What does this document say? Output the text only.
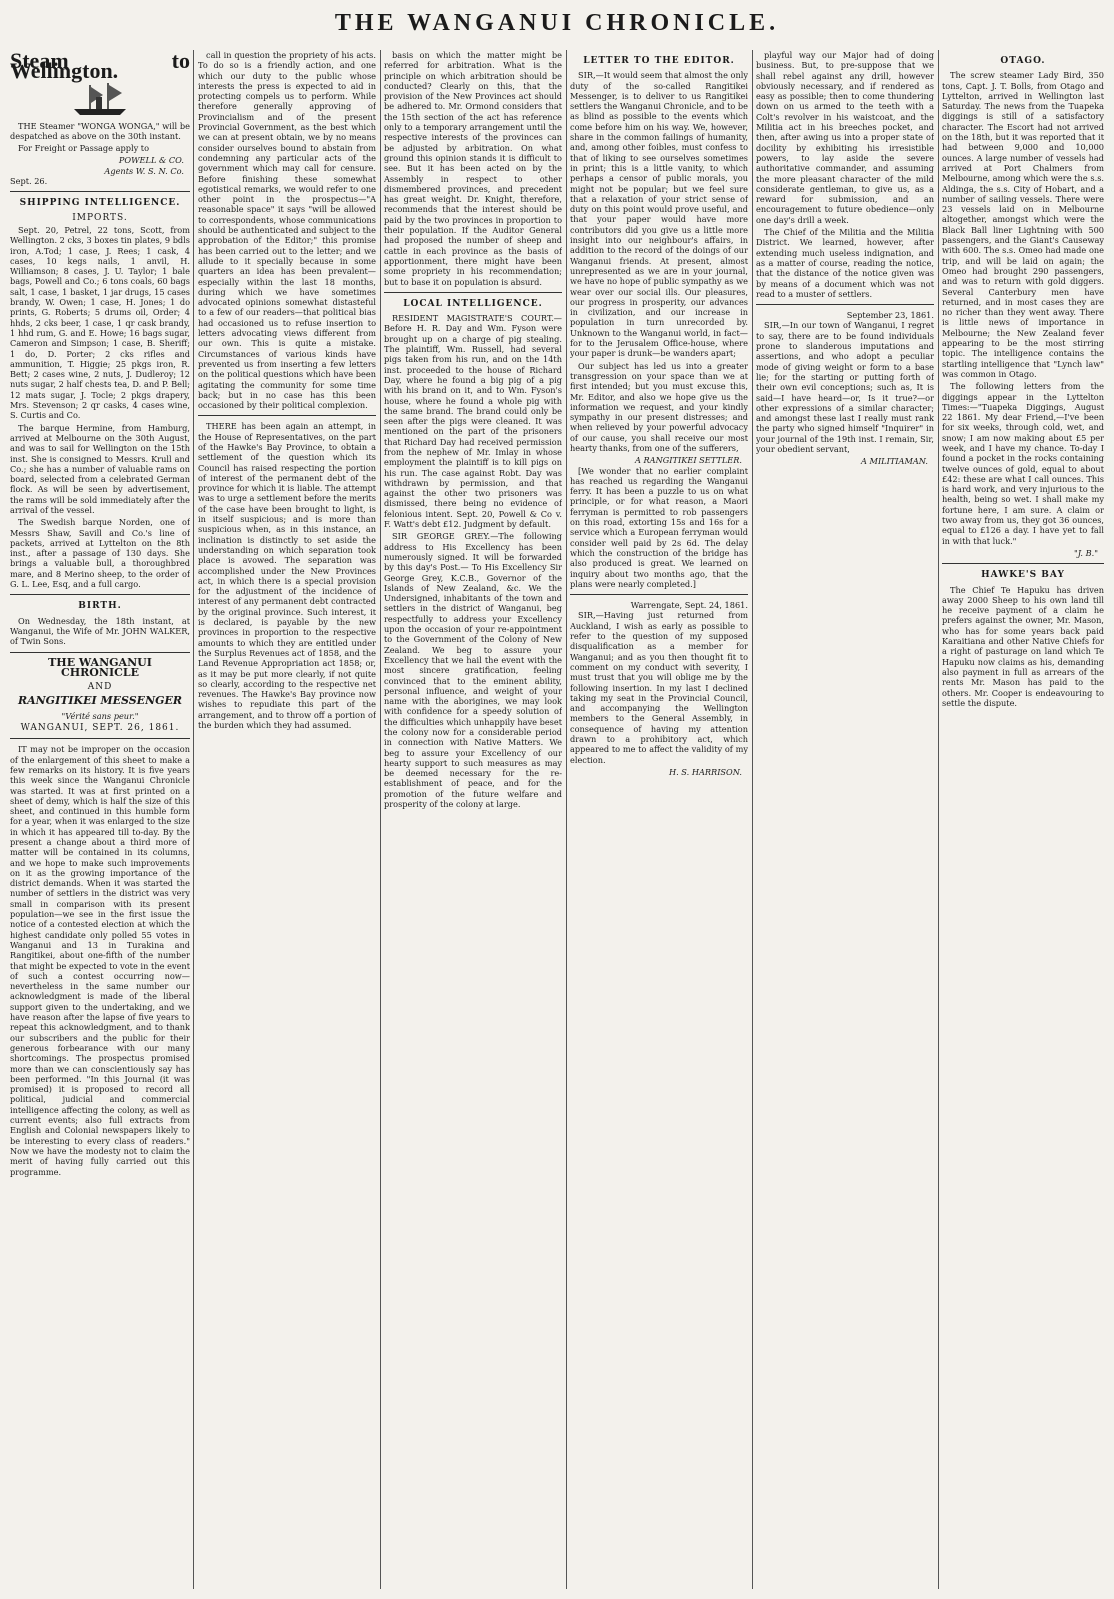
THE WANGANUI CHRONICLE.
Steam to Wellington.

THE Steamer "WONGA WONGA," will be despatched as above on the 30th instant.

For Freight or Passage apply to

POWELL & CO.
Agents W. S. N. Co.
Sept. 26.
SHIPPING INTELLIGENCE.
IMPORTS.

Sept. 20, Petrel, 22 tons, Scott, from Wellington. 2 cks, 3 boxes tin plates, 9 bdls iron, A.Tod; 1 case, J. Rees; 1 cask, 4 cases, 10 kegs nails, 1 anvil, H. Williamson; 8 cases, J. U. Taylor; 1 bale bags, Powell and Co.; 6 tons coals, 60 bags salt, 1 case, 1 basket, 1 jar drugs, 15 cases brandy, W. Owen; 1 case, H. Jones; 1 do prints, G. Roberts; 5 drums oil, Order; 4 hhds, 2 cks beer, 1 case, 1 qr cask brandy, 1 hhd rum, G. and E. Howe; 16 bags sugar, Cameron and Simpson; 1 case, B. Sheriff; 1 do, D. Porter; 2 cks rifles and ammunition, T. Higgie; 25 pkgs iron, R. Bett; 2 cases wine, 2 nuts, J. Dudleroy; 12 nuts sugar, 2 half chests tea, D. and P. Bell; 12 mats sugar, J. Tocle; 2 pkgs drapery, Mrs. Stevenson; 2 qr casks, 4 cases wine, S. Curtis and Co.

The barque Hermine, from Hamburg, arrived at Melbourne on the 30th August, and was to sail for Wellington on the 15th inst. She is consigned to Messrs. Krull and Co.; she has a number of valuable rams on board, selected from a celebrated German flock. As will be seen by advertisement, the rams will be sold immediately after the arrival of the vessel.

The Swedish barque Norden, one of Messrs Shaw, Savill and Co.'s line of packets, arrived at Lyttelton on the 8th inst., after a passage of 130 days. She brings a valuable bull, a thoroughbred mare, and 8 Merino sheep, to the order of G. L. Lee, Esq, and a full cargo.

BIRTH.

On Wednesday, the 18th instant, at Wanganui, the Wife of Mr. JOHN WALKER, of Twin Sons.

THE WANGANUI CHRONICLE
AND
RANGITIKEI MESSENGER
"Vérité sans peur."
WANGANUI, SEPT. 26, 1861.

IT may not be improper on the occasion of the enlargement of this sheet to make a few remarks on its history. It is five years this week since the Wanganui Chronicle was started. It was at first printed on a sheet of demy, which is half the size of this sheet, and continued in this humble form for a year, when it was enlarged to the size in which it has appeared till to-day. By the present a change about a third more of matter will be contained in its columns, and we hope to make such improvements on it as the growing importance of the district demands. When it was started the number of settlers in the district was very small in comparison with its present population—we see in the first issue the notice of a contested election at which the highest candidate only polled 55 votes in Wanganui and 13 in Turakina and Rangitikei, about one-fifth of the number that might be expected to vote in the event of such a contest occurring now—nevertheless in the same number our acknowledgment is made of the liberal support given to the undertaking, and we have reason after the lapse of five years to repeat this acknowledgment, and to thank our subscribers and the public for their generous forbearance with our many shortcomings. The prospectus promised more than we can conscientiously say has been performed. "In this Journal (it was promised) it is proposed to record all political, judicial and commercial intelligence affecting the colony, as well as current events; also full extracts from English and Colonial newspapers likely to be interesting to every class of readers." Now we have the modesty not to claim the merit of having fully carried out this programme.

call in question the propriety of his acts. To do so is a friendly action, and one which our duty to the public whose interests the press is expected to aid in protecting compels us to perform. While therefore generally approving of Provincialism and of the present Provincial Government, as the best which we can at present obtain, we by no means consider ourselves bound to abstain from condemning any particular acts of the government which may call for censure. Before finishing these somewhat egotistical remarks, we would refer to one other point in the prospectus—"A reasonable space" it says "will be allowed to correspondents, whose communications should be authenticated and subject to the approbation of the Editor;" this promise has been carried out to the letter; and we allude to it specially because in some quarters an idea has been prevalent—especially within the last 18 months, during which we have sometimes advocated opinions somewhat distasteful to a few of our readers—that political bias had occasioned us to refuse insertion to letters advocating views different from our own. This is quite a mistake. Circumstances of various kinds have prevented us from inserting a few letters on the political questions which have been agitating the community for some time back; but in no case has this been occasioned by their political complexion.

THERE has been again an attempt, in the House of Representatives, on the part of the Hawke's Bay Province, to obtain a settlement of the question which its Council has raised respecting the portion of interest of the permanent debt of the province for which it is liable. The attempt was to urge a settlement before the merits of the case have been brought to light, is in itself suspicious; and is more than suspicious when, as in this instance, an inclination is distinctly to set aside the understanding on which separation took place is avowed. The separation was accomplished under the New Provinces act, in which there is a special provision for the adjustment of the incidence of interest of any permanent debt contracted by the original province. Such interest, it is declared, is payable by the new provinces in proportion to the respective amounts to which they are entitled under the Surplus Revenues act of 1858, and the Land Revenue Appropriation act 1858; or, as it may be put more clearly, if not quite so clearly, according to the respective net revenues. The Hawke's Bay province now wishes to repudiate this part of the arrangement, and to throw off a portion of the burden which they had assumed.

basis on which the matter might be referred for arbitration. What is the principle on which arbitration should be conducted? Clearly on this, that the provision of the New Provinces act should be adhered to. Mr. Ormond considers that the 15th section of the act has reference only to a temporary arrangement until the respective interests of the provinces can be adjusted by arbitration. On what ground this opinion stands it is difficult to see. But it has been acted on by the Assembly in respect to other dismembered provinces, and precedent has great weight. Dr. Knight, therefore, recommends that the interest should be paid by the two provinces in proportion to their population. If the Auditor General had proposed the number of sheep and cattle in each province as the basis of apportionment, there might have been some propriety in his recommendation; but to base it on population is absurd.

LOCAL INTELLIGENCE.

RESIDENT MAGISTRATE'S COURT.—Before H. R. Day and Wm. Fyson were brought up on a charge of pig stealing. The plaintiff, Wm. Russell, had several pigs taken from his run, and on the 14th inst. proceeded to the house of Richard Day, where he found a big pig of a pig with his brand on it, and to Wm. Fyson's house, where he found a whole pig with the same brand. The brand could only be seen after the pigs were cleaned. It was mentioned on the part of the prisoners that Richard Day had received permission from the nephew of Mr. Imlay in whose employment the plaintiff is to kill pigs on his run. The case against Robt. Day was withdrawn by permission, and that against the other two prisoners was dismissed, there being no evidence of felonious intent. Sept. 20, Powell & Co v. F. Watt's debt £12. Judgment by default.

SIR GEORGE GREY.—The following address to His Excellency has been numerously signed. It will be forwarded by this day's Post.— To His Excellency Sir George Grey, K.C.B., Governor of the Islands of New Zealand, &c. We the Undersigned, inhabitants of the town and settlers in the district of Wanganui, beg respectfully to address your Excellency upon the occasion of your re-appointment to the Government of the Colony of New Zealand. We beg to assure your Excellency that we hail the event with the most sincere gratification, feeling convinced that to the eminent ability, personal influence, and weight of your name with the aborigines, we may look with confidence for a speedy solution of the difficulties which unhappily have beset the colony now for a considerable period in connection with Native Matters. We beg to assure your Excellency of our hearty support to such measures as may be deemed necessary for the re-establishment of peace, and for the promotion of the future welfare and prosperity of the colony at large.

LETTER TO THE EDITOR.

SIR,—It would seem that almost the only duty of the so-called Rangitikei Messenger, is to deliver to us Rangitikei settlers the Wanganui Chronicle, and to be as blind as possible to the events which come before him on his way. We, however, share in the common failings of humanity, and, among other foibles, must confess to that of liking to see ourselves sometimes in print; this is a little vanity, to which perhaps a censor of public morals, you might not be popular; but we feel sure that a relaxation of your strict sense of duty on this point would prove useful, and that your paper would have more contributors did you give us a little more insight into our neighbour's affairs, in addition to the record of the doings of our Wanganui friends. At present, almost unrepresented as we are in your journal, we have no hope of public sympathy as we wear over our social ills. Our pleasures, our progress in prosperity, our advances in civilization, and our increase in population in turn unrecorded by. Unknown to the Wanganui world, in fact—for to the Jerusalem Office-house, where your paper is drunk—be wanders apart;

Our subject has led us into a greater transgression on your space than we at first intended; but you must excuse this, Mr. Editor, and also we hope give us the information we request, and your kindly sympathy in our present distresses; and when relieved by your powerful advocacy of our cause, you shall receive our most hearty thanks, from one of the sufferers,

A RANGITIKEI SETTLER.

[We wonder that no earlier complaint has reached us regarding the Wanganui ferry. It has been a puzzle to us on what principle, or for what reason, a Maori ferryman is permitted to rob passengers on this road, extorting 15s and 16s for a service which a European ferryman would consider well paid by 2s 6d. The delay which the construction of the bridge has also produced is great. We learned on inquiry about two months ago, that the plans were nearly completed.]

Warrengate, Sept. 24, 1861.

SIR,—Having just returned from Auckland, I wish as early as possible to refer to the question of my supposed disqualification as a member for Wanganui; and as you then thought fit to comment on my conduct with severity, I must trust that you will oblige me by the following insertion. In my last I declined taking my seat in the Provincial Council, and accompanying the Wellington members to the General Assembly, in consequence of having my attention drawn to a prohibitory act, which appeared to me to affect the validity of my election.

H. S. HARRISON.

playful way our Major had of doing business. But, to pre-suppose that we shall rebel against any drill, however obviously necessary, and if rendered as easy as possible; then to come thundering down on us armed to the teeth with a Colt's revolver in his waistcoat, and the Militia act in his breeches pocket, and then, after awing us into a proper state of docility by exhibiting his irresistible powers, to lay aside the severe authoritative commander, and assuming the more pleasant character of the mild considerate gentleman, to give us, as a reward for submission, and an encouragement to future obedience—only one day's drill a week.

The Chief of the Militia and the Militia District. We learned, however, after extending much useless indignation, and as a matter of course, reading the notice, that the distance of the notice given was by means of a document which was not read to a muster of settlers.

September 23, 1861.

SIR,—In our town of Wanganui, I regret to say, there are to be found individuals prone to slanderous imputations and assertions, and who adopt a peculiar mode of giving weight or form to a base lie; for the starting or putting forth of their own evil conceptions; such as, It is said—I have heard—or, Is it true?—or other expressions of a similar character; and amongst these last I really must rank the party who signed himself "Inquirer" in your journal of the 19th inst. I remain, Sir, your obedient servant,

A MILITIAMAN.
OTAGO.

The screw steamer Lady Bird, 350 tons, Capt. J. T. Bolls, from Otago and Lyttelton, arrived in Wellington last Saturday. The news from the Tuapeka diggings is still of a satisfactory character. The Escort had not arrived on the 18th, but it was reported that it had between 9,000 and 10,000 ounces. A large number of vessels had arrived at Port Chalmers from Melbourne, among which were the s.s. Aldinga, the s.s. City of Hobart, and a number of sailing vessels. There were 23 vessels laid on in Melbourne altogether, amongst which were the Black Ball liner Lightning with 500 passengers, and the Giant's Causeway with 600. The s.s. Omeo had made one trip, and will be laid on again; the Omeo had brought 290 passengers, and was to return with gold diggers. Several Canterbury men have returned, and in most cases they are no richer than they went away. There is little news of importance in Melbourne; the New Zealand fever appearing to be the most stirring topic. The intelligence contains the startling intelligence that "Lynch law" was common in Otago.

The following letters from the diggings appear in the Lyttelton Times:—"Tuapeka Diggings, August 22 1861. My dear Friend,—I've been for six weeks, through cold, wet, and snow; I am now making about £5 per week, and I have my chance. To-day I found a pocket in the rocks containing twelve ounces of gold, equal to about £42: these are what I call ounces. This is hard work, and very injurious to the health, being so wet. I shall make my fortune here, I am sure. A claim or two away from us, they got 36 ounces, equal to £126 a day. I have yet to fall in with that luck."

"J. B."
HAWKE'S BAY

The Chief Te Hapuku has driven away 2000 Sheep to his own land till he receive payment of a claim he prefers against the owner, Mr. Mason, who has for some years back paid Karaitiana and other Native Chiefs for a right of pasturage on land which Te Hapuku now claims as his, demanding also payment in full as arrears of the rents Mr. Mason has paid to the others. Mr. Cooper is endeavouring to settle the dispute.
